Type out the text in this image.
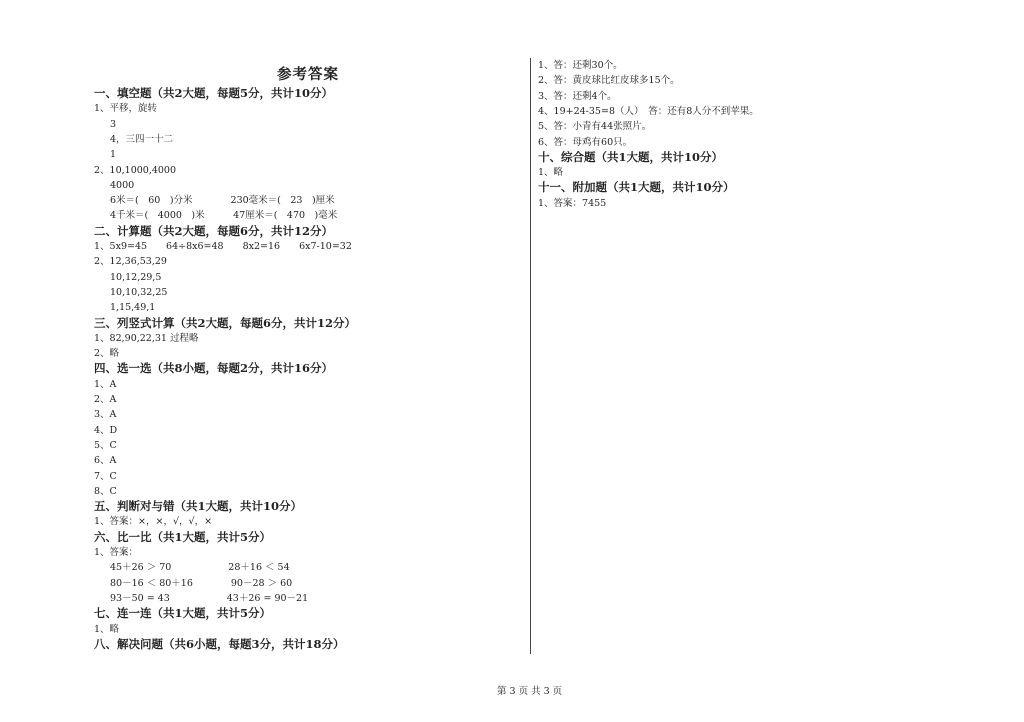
参考答案
一、填空题（共2大题，每题5分，共计10分）
1、平移，旋转
3
4，三四一十二
1
2、10,1000,4000
4000
6米＝(　60　)分米　　　　230毫米＝(　23　)厘米
4千米＝(　4000　)米　　　47厘米＝(　470　)毫米
二、计算题（共2大题，每题6分，共计12分）
1、5x9=45　　64÷8x6=48　　8x2=16　　6x7-10=32
2、12,36,53,29
10,12,29,5
10,10,32,25
1,15,49,1
三、列竖式计算（共2大题，每题6分，共计12分）
1、82,90,22,31 过程略
2、略
四、选一选（共8小题，每题2分，共计16分）
1、A
2、A
3、A
4、D
5、C
6、A
7、C
8、C
五、判断对与错（共1大题，共计10分）
1、答案：×，×，√，√，×
六、比一比（共1大题，共计5分）
1、答案：
45＋26 ＞ 70　　　　　　28＋16 ＜ 54
80－16 ＜ 80＋16　　　　90－28 ＞ 60
93－50 = 43　　　　　　43＋26 = 90－21
七、连一连（共1大题，共计5分）
1、略
八、解决问题（共6小题，每题3分，共计18分）
1、答：还剩30个。
2、答：黄皮球比红皮球多15个。
3、答：还剩4个。
4、19+24-35=8（人）　答：还有8人分不到苹果。
5、答：小青有44张照片。
6、答：母鸡有60只。
十、综合题（共1大题，共计10分）
1、略
十一、附加题（共1大题，共计10分）
1、答案：7455
第 3 页 共 3 页
